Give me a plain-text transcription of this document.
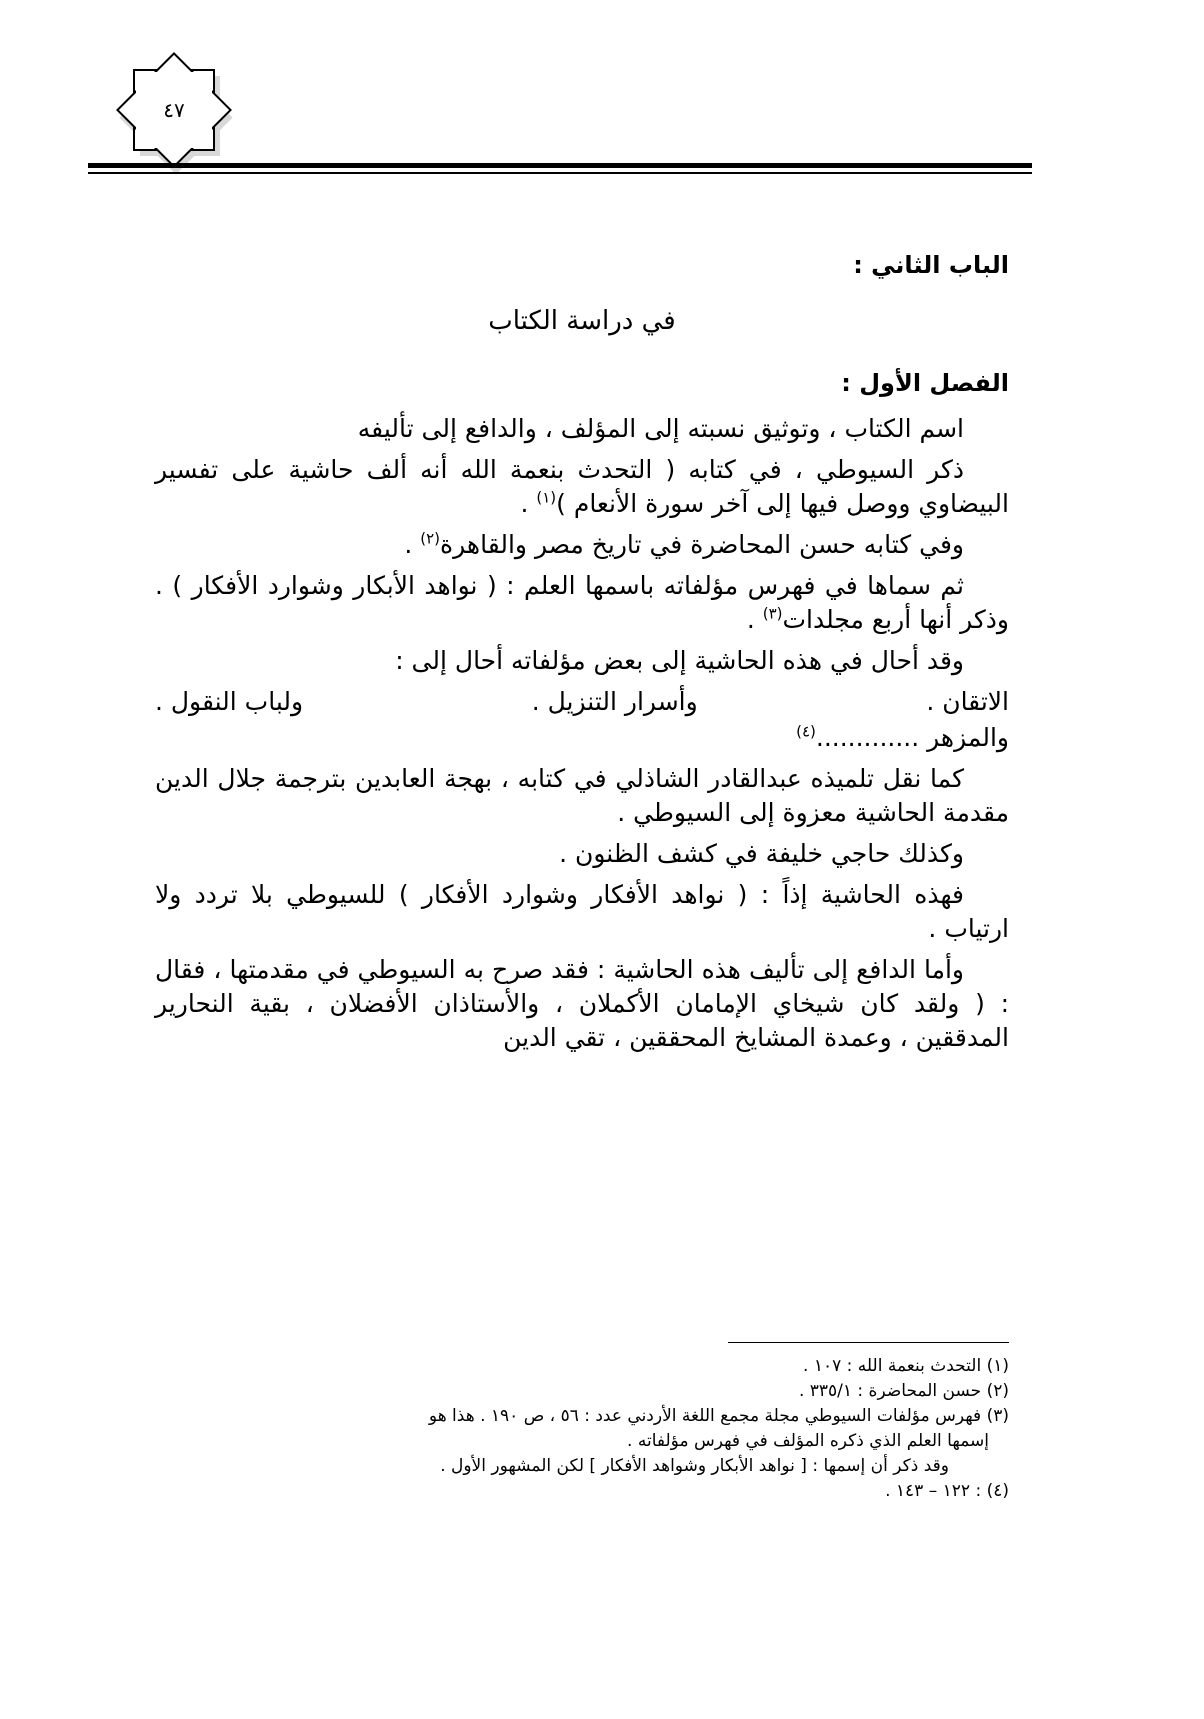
٤٧

الباب الثاني :

في دراسة الكتاب

الفصل الأول :

اسم الكتاب ، وتوثيق نسبته إلى المؤلف ، والدافع إلى تأليفه

ذكر السيوطي ، في كتابه ( التحدث بنعمة الله أنه ألف حاشية على تفسير البيضاوي ووصل فيها إلى آخر سورة الأنعام )$^{(١)}$ .

وفي كتابه حسن المحاضرة في تاريخ مصر والقاهرة$^{(٢)}$ .

ثم سماها في فهرس مؤلفاته باسمها العلم : ( نواهد الأبكار وشوارد الأفكار ) . وذكر أنها أربع مجلدات$^{(٣)}$ .

وقد أحال في هذه الحاشية إلى بعض مؤلفاته أحال إلى :

الاتقان .
وأسرار التنزيل .
ولباب النقول .

والمزهر .............$^{(٤)}$

كما نقل تلميذه عبدالقادر الشاذلي في كتابه ، بهجة العابدين بترجمة جلال الدين مقدمة الحاشية معزوة إلى السيوطي .

وكذلك حاجي خليفة في كشف الظنون .

فهذه الحاشية إذاً : ( نواهد الأفكار وشوارد الأفكار ) للسيوطي بلا تردد ولا ارتياب .

وأما الدافع إلى تأليف هذه الحاشية : فقد صرح به السيوطي في مقدمتها ، فقال : ( ولقد كان شيخاي الإمامان الأكملان ، والأستاذان الأفضلان ، بقية النحارير المدققين ، وعمدة المشايخ المحققين ، تقي الدين

(١) التحدث بنعمة الله : ١٠٧ .

(٢) حسن المحاضرة : ٣٣٥/١ .

(٣) فهرس مؤلفات السيوطي مجلة مجمع اللغة الأردني عدد : ٥٦ ، ص ١٩٠ . هذا هو

إسمها العلم الذي ذكره المؤلف في فهرس مؤلفاته .

وقد ذكر أن إسمها : [ نواهد الأبكار وشواهد الأفكار ] لكن المشهور الأول .

(٤) : ١٢٢ – ١٤٣ .
